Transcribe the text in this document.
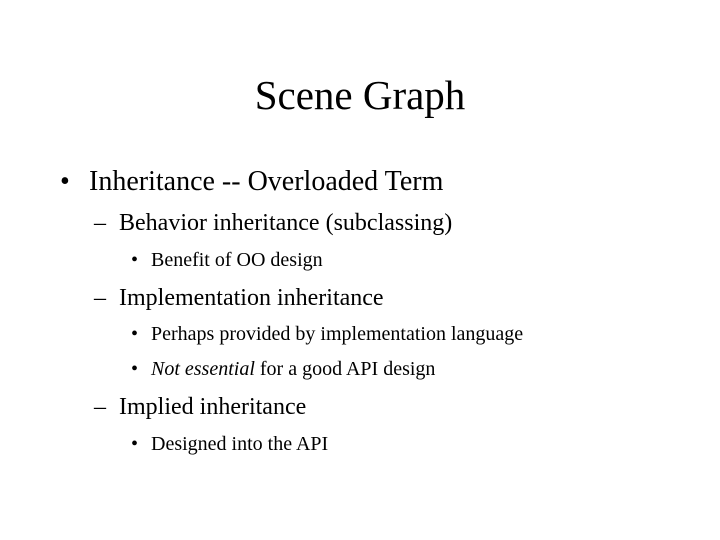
Scene Graph
• Inheritance -- Overloaded Term
– Behavior inheritance (subclassing)
• Benefit of OO design
– Implementation inheritance
• Perhaps provided by implementation language
• Not essential for a good API design
– Implied inheritance
• Designed into the API
